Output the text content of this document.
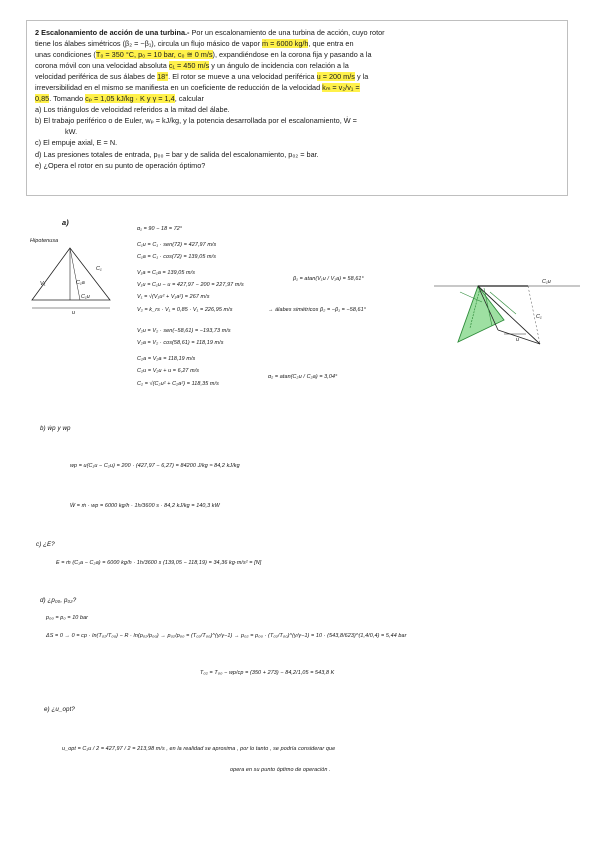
2 Escalonamiento de acción de una turbina.- Por un escalonamiento de una turbina de acción, cuyo rotor

tiene los álabes simétricos (β₂ = −β₁), circula un flujo másico de vapor ṁ = 6000 kg/h, que entra en

unas condiciones (T₀ = 350 °C, p₀ = 10 bar, c₀ ≅ 0 m/s), expandiéndose en la corona fija y pasando a la

corona móvil con una velocidad absoluta c₁ = 450 m/s y un ángulo de incidencia con relación a la

velocidad periférica de sus álabes de 18°. El rotor se mueve a una velocidad periférica u = 200 m/s y la

irreversibilidad en el mismo se manifiesta en un coeficiente de reducción de la velocidad kₘ = v₂/v₁ =

0,85. Tomando cₚ = 1,05 kJ/kg · K y γ = 1,4, calcular

a) Los triángulos de velocidad referidos a la mitad del álabe.

b) El trabajo periférico o de Euler, wₚ = kJ/kg, y la potencia desarrollada por el escalonamiento, Ẇ =

kW.

c) El empuje axial, E = N.

d) Las presiones totales de entrada, p₀₀ = bar y de salida del escalonamiento, p₀₂ = bar.

e) ¿Opera el rotor en su punto de operación óptimo?

a)
Hipotenusa
C₁
V₁	C₁a
C₁u
u
α₁ = 90 − 18 = 72°
C₁u = C₁ · sen(72) = 427,97 m/s
C₁a = C₁ · cos(72) = 139,05 m/s
V₁a = C₁a = 139,05 m/s
V₁u = C₁u − u = 427,97 − 200 = 227,97 m/s
V₁ = √(V₁u² + V₁a²) = 267 m/s
V₂ = k_rs · V₁ = 0,85 · V₁ = 226,95 m/s	→ álabes simétricos β₂ = −β₁ = −58,61°
β₁ = atan(V₁u / V₁a) = 58,61°
V₂u = V₂ · sen(−58,61) = −193,73 m/s
V₂a = V₂ · cos(58,61) = 118,19 m/s
C₂a = V₂a = 118,19 m/s
C₂u = V₂u + u = 6,27 m/s
C₂ = √(C₂u² + C₂a²) = 118,35 m/s
α₂ = atan(C₂u / C₂a) = 3,04°
C₁u
C₁
u
b) ẇp y wp
wp = u(C₁u − C₂u) = 200 · (427,97 − 6,27) = 84200 J/kg ≈ 84,2 kJ/kg
Ẇ = ṁ · wp = 6000 kg/h · 1h/3600 s · 84,2 kJ/kg = 140,3 kW
c) ¿E?
E = ṁ (C₁a − C₂a) = 6000 kg/h · 1h/3600 s (139,05 − 118,19) = 34,36 kg·m/s² = [N]
d) ¿p₀₀, p₀₂?
p₀₀ = p₀ = 10 bar
ΔS = 0 → 0 = cp · ln(T₀₂/T₀₀) − R · ln(p₀₂/p₀₀) → p₀₂/p₀₀ = (T₀₂/T₀₀)^(γ/γ−1) → p₀₂ = p₀₀ · (T₀₂/T₀₀)^(γ/γ−1) = 10 · (543,8/623)^(1,4/0,4) = 5,44 bar
T₀₂ = T₀₀ − wp/cp = (350 + 273) − 84,2/1,05 = 543,8 K
e) ¿u_opt?
u_opt = C₁u / 2 = 427,97 / 2 = 213,98 m/s , en la realidad se aproxima , por lo tanto , se podría considerar que
opera en su punto óptimo de operación .
